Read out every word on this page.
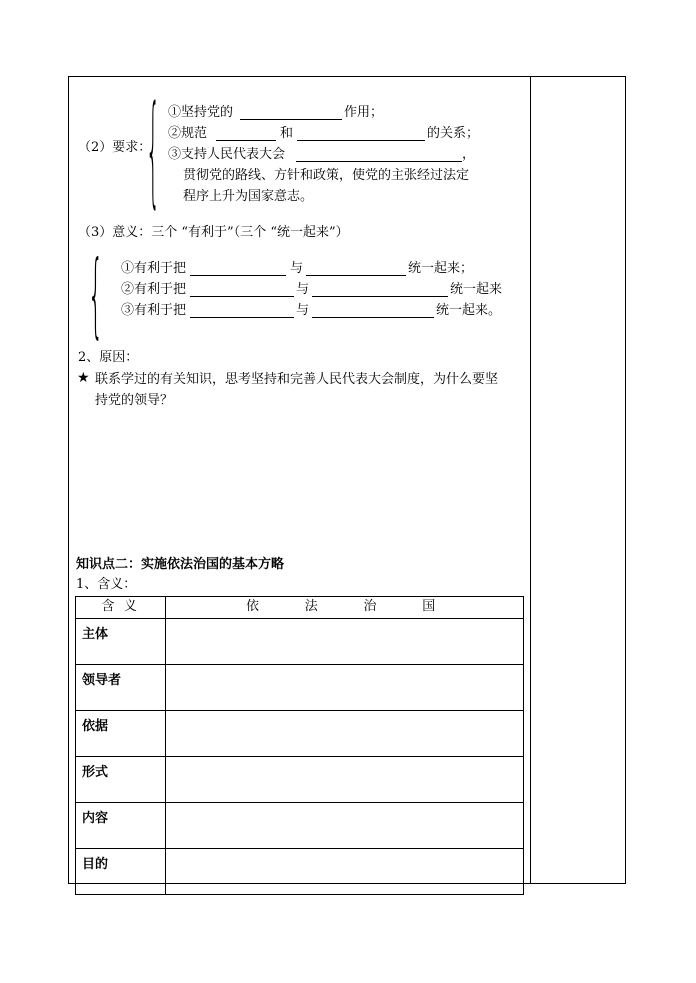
{
（2）要求：
①坚持党的	作用；
②规范	和	的关系；
③支持人民代表大会	，
贯彻党的路线、方针和政策，使党的主张经过法定
程序上升为国家意志。
（3）意义：三个 “有利于”（三个 “统一起来”）
{ ①有利于把	与	统一起来；
②有利于把	与	统一起来
③有利于把	与	统一起来。
2、原因：
★ 联系学过的有关知识，思考坚持和完善人民代表大会制度，为什么要坚
持党的领导？
知识点二：实施依法治国的基本方略
1、含义：
含 义	依 法 治 国

主体	
领导者	
依据	
形式	
内容	
目的	
